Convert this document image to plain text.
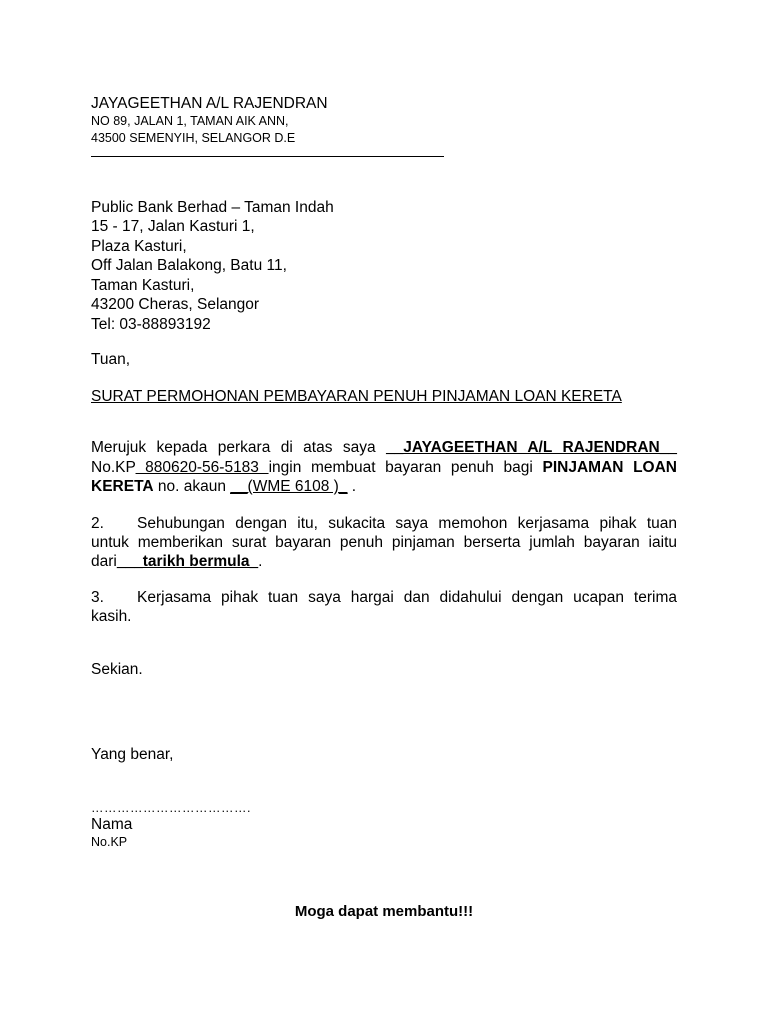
JAYAGEETHAN A/L RAJENDRAN
NO 89, JALAN 1, TAMAN AIK ANN,
43500 SEMENYIH, SELANGOR D.E
Public Bank Berhad – Taman Indah
15 - 17, Jalan Kasturi 1,
Plaza Kasturi,
Off Jalan Balakong, Batu 11,
Taman Kasturi,
43200 Cheras, Selangor
Tel: 03-88893192
Tuan,
SURAT PERMOHONAN PEMBAYARAN PENUH PINJAMAN LOAN KERETA
Merujuk kepada perkara di atas saya __JAYAGEETHAN A/L RAJENDRAN__
No.KP 880620-56-5183 ingin membuat bayaran penuh bagi PINJAMAN LOAN
KERETA no. akaun __(WME 6108 )_ .
2. Sehubungan dengan itu, sukacita saya memohon kerjasama pihak tuan
untuk memberikan surat bayaran penuh pinjaman berserta jumlah bayaran iaitu
dari___tarikh bermula_.
3. Kerjasama pihak tuan saya hargai dan didahului dengan ucapan terima
kasih.
Sekian.
Yang benar,
……………………………….
Nama
No.KP
Moga dapat membantu!!!
